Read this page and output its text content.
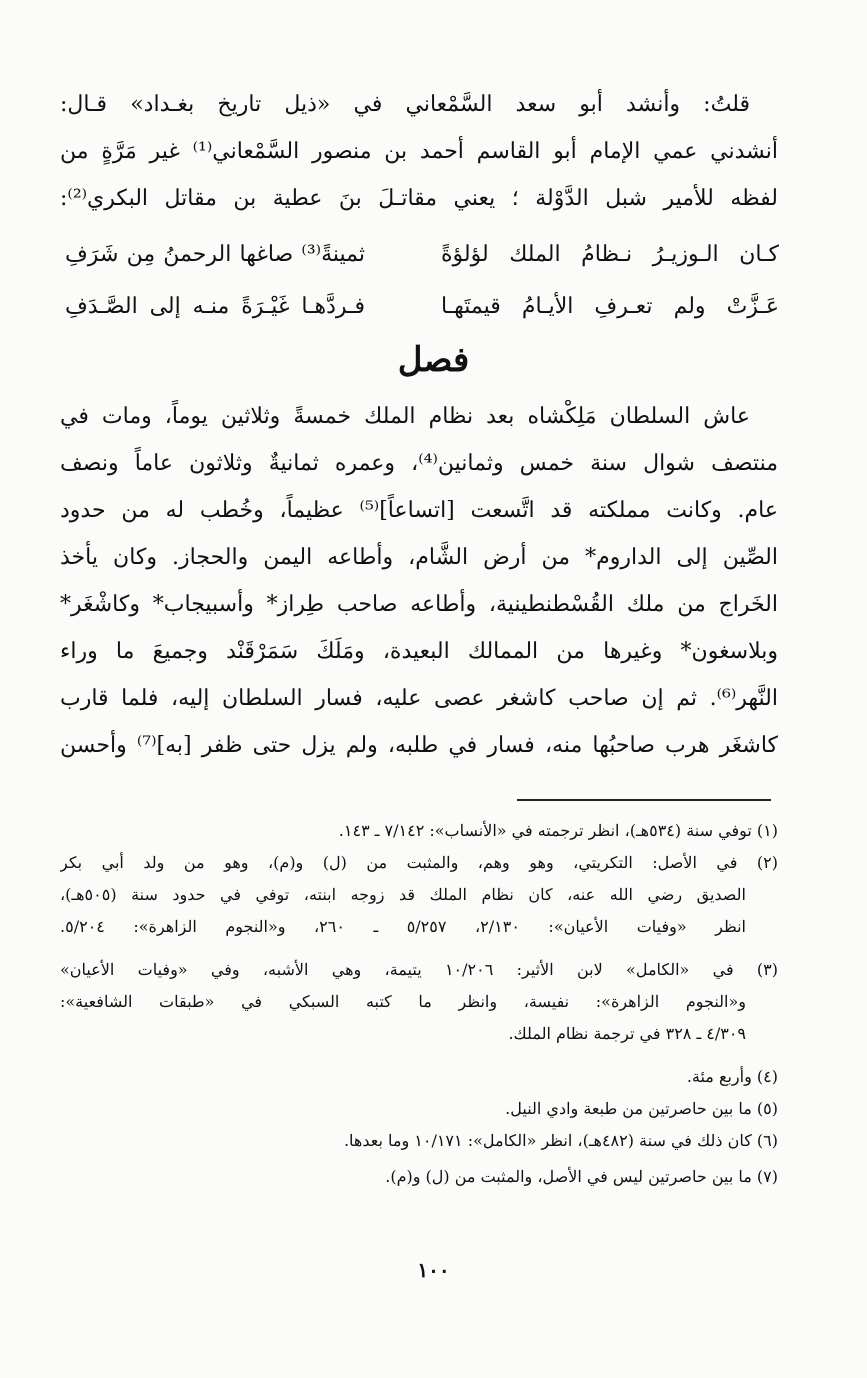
قلتُ: وأنشد أبو سعد السَّمْعاني في «ذيل تاريخ بغـداد» قـال:
أنشدني عمي الإمام أبو القاسم أحمد بن منصور السَّمْعاني⁽¹⁾ غير مَرَّةٍ من
لفظه للأمير شبل الدَّوْلة ؛ يعني مقاتـلَ بنَ عطية بن مقاتل البكري⁽²⁾:
كـان الـوزيـرُ نـظامُ الملك لؤلؤةً
ثمينةً⁽³⁾ صاغها الرحمنُ مِن شَرَفِ
عَـزَّتْ ولم تعـرفِ الأيـامُ قيمتَهـا
فـردَّهـا غَيْـرَةً منـه إلى الصَّـدَفِ
فصل
عاش السلطان مَلِكْشاه بعد نظام الملك خمسةً وثلاثين يوماً، ومات في
منتصف شوال سنة خمس وثمانين⁽⁴⁾، وعمره ثمانيةٌ وثلاثون عاماً ونصف
عام. وكانت مملكته قد اتَّسعت [اتساعاً]⁽⁵⁾ عظيماً، وخُطب له من حدود
الصِّين إلى الداروم* من أرض الشَّام، وأطاعه اليمن والحجاز. وكان يأخذ
الخَراج من ملك القُسْطنطينية، وأطاعه صاحب طِراز* وأسبيجاب* وكاشْغَر*
وبلاسغون* وغيرها من الممالك البعيدة، ومَلَكَ سَمَرْقَنْد وجميعَ ما وراء
النَّهر⁽⁶⁾. ثم إن صاحب كاشغر عصى عليه، فسار السلطان إليه، فلما قارب
كاشغَر هرب صاحبُها منه، فسار في طلبه، ولم يزل حتى ظفر [به]⁽⁷⁾ وأحسن
(١) توفي سنة (٥٣٤هـ)، انظر ترجمته في «الأنساب»: ٧/١٤٢ ـ ١٤٣.
(٢) في الأصل: التكريتي، وهو وهم، والمثبت من (ل) و(م)، وهو من ولد أبي بكر
الصديق رضي الله عنه، كان نظام الملك قد زوجه ابنته، توفي في حدود سنة (٥٠٥هـ)،
انظر «وفيات الأعيان»: ٢/١٣٠، ٥/٢٥٧ ـ ٢٦٠، و«النجوم الزاهرة»: ٥/٢٠٤.
(٣) في «الكامل» لابن الأثير: ١٠/٢٠٦ يتيمة، وهي الأشبه، وفي «وفيات الأعيان»
و«النجوم الزاهرة»: نفيسة، وانظر ما كتبه السبكي في «طبقات الشافعية»:
٤/٣٠٩ ـ ٣٢٨ في ترجمة نظام الملك.
(٤) وأربع مئة.
(٥) ما بين حاصرتين من طبعة وادي النيل.
(٦) كان ذلك في سنة (٤٨٢هـ)، انظر «الكامل»: ١٠/١٧١ وما بعدها.
(٧) ما بين حاصرتين ليس في الأصل، والمثبت من (ل) و(م).
١٠٠
